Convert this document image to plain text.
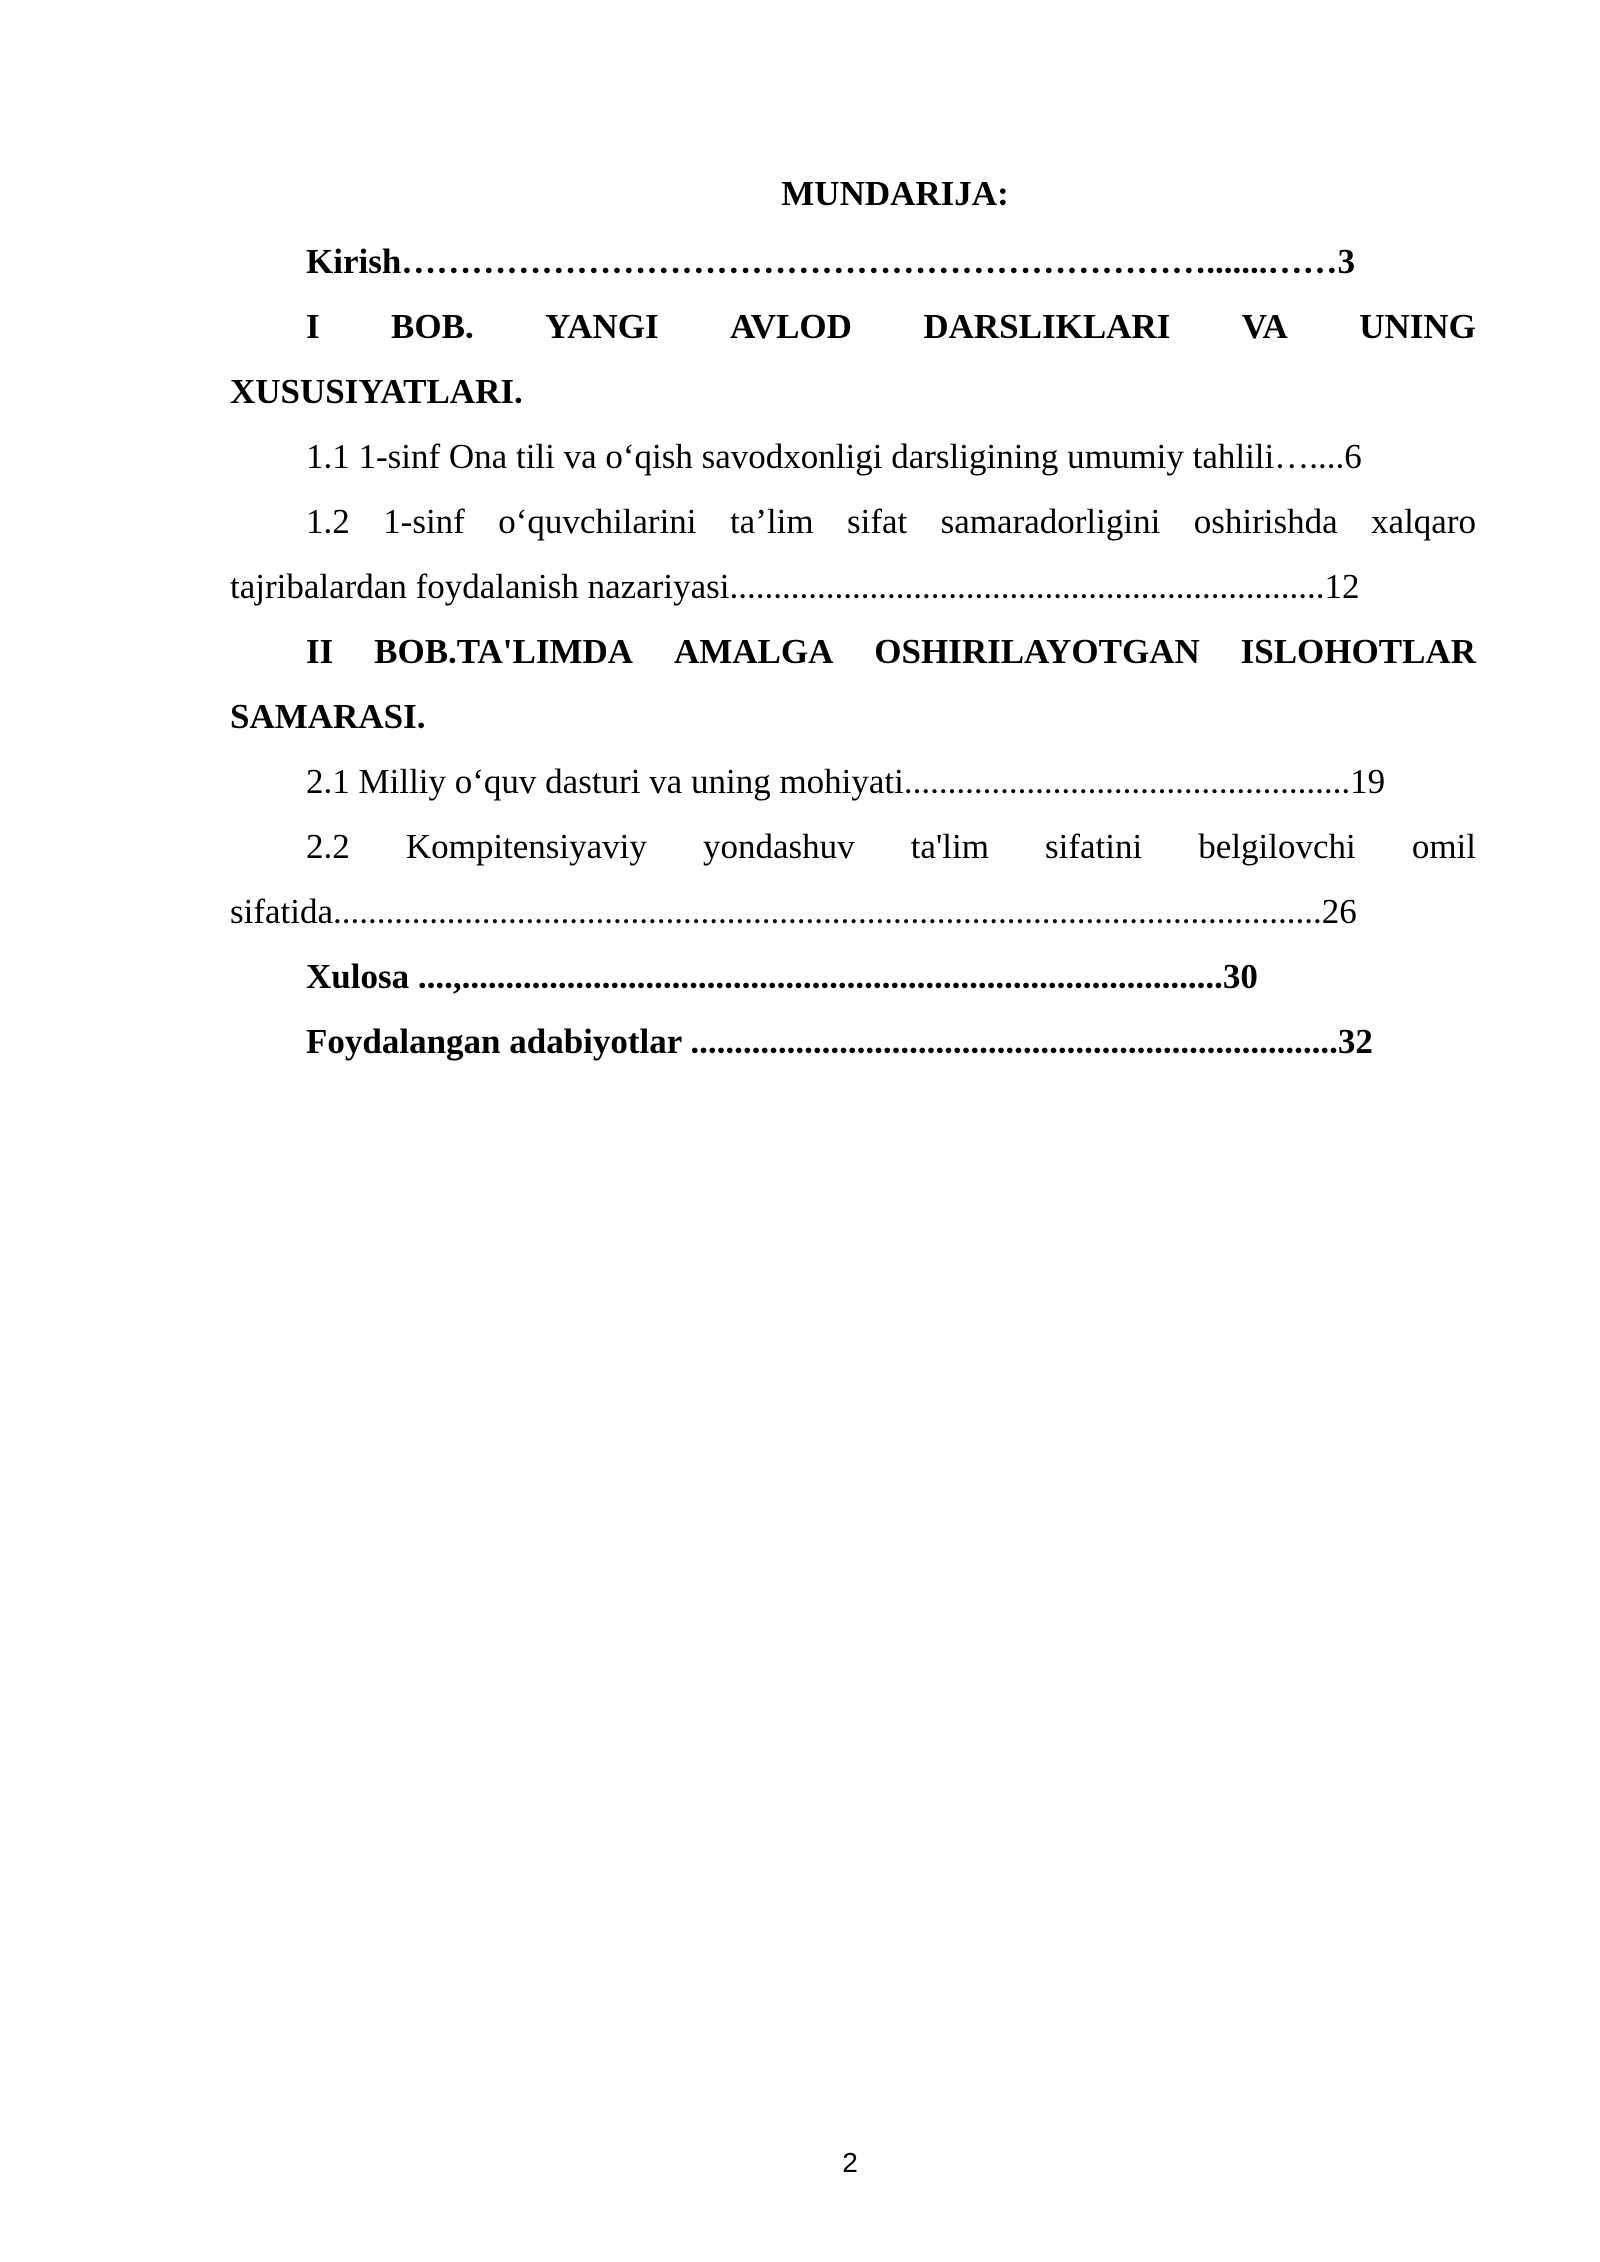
MUNDARIJA:
Kirish…………………………………………………………….......……3
I BOB. YANGI AVLOD DARSLIKLARI VA UNING
XUSUSIYATLARI.
1.1 1-sinf Ona tili va o‘qish savodxonligi darsligining umumiy tahlili…....6
1.2 1-sinf o‘quvchilarini ta’lim sifat samaradorligini oshirishda xalqaro
tajribalardan foydalanish nazariyasi....................................................................12
II BOB.TA'LIMDA AMALGA OSHIRILAYOTGAN ISLOHOTLAR
SAMARASI.
2.1 Milliy o‘quv dasturi va uning mohiyati...................................................19
2.2 Kompitensiyaviy yondashuv ta'lim sifatini belgilovchi omil
sifatida.................................................................................................................26
Xulosa ....,.......................................................................................30
Foydalangan adabiyotlar ..........................................................................32
2
